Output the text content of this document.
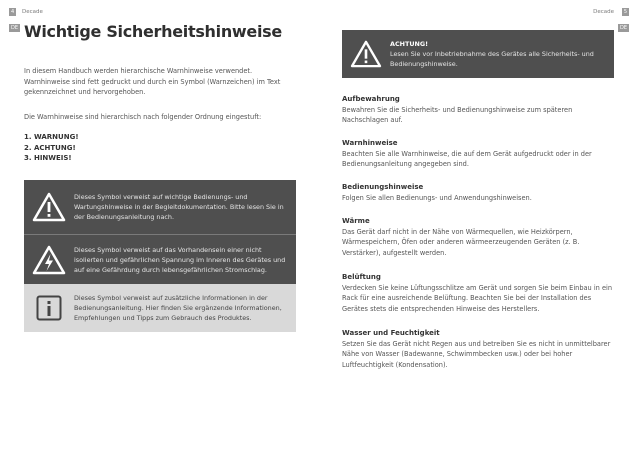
4	Decade	Decade	5
DE	DE
Wichtige Sicherheitshinweise

In diesem Handbuch werden hierarchische Warnhinweise verwendet. Warnhinweise sind fett gedruckt und durch ein Symbol (Warnzeichen) im Text gekennzeichnet und hervorgehoben.

Die Warnhinweise sind hierarchisch nach folgender Ordnung eingestuft:

1. WARNUNG!
2. ACHTUNG!
3. HINWEIS!
Dieses Symbol verweist auf wichtige Bedienungs- und Wartungshinweise in der Begleitdokumentation. Bitte lesen Sie in der Bedienungsanleitung nach.
Dieses Symbol verweist auf das Vorhandensein einer nicht isolierten und gefährlichen Spannung im Inneren des Gerätes und auf eine Gefährdung durch lebensgefährlichen Stromschlag.
Dieses Symbol verweist auf zusätzliche Informationen in der Bedienungsanleitung. Hier finden Sie ergänzende Informationen, Empfehlungen und Tipps zum Gebrauch des Produktes.
ACHTUNG!
Lesen Sie vor Inbetriebnahme des Gerätes alle Sicherheits- und Bedienungshinweise.
Aufbewahrung

Bewahren Sie die Sicherheits- und Bedienungshinweise zum späteren Nachschlagen auf.

Warnhinweise

Beachten Sie alle Warnhinweise, die auf dem Gerät aufgedruckt oder in der Bedienungsanleitung angegeben sind.

Bedienungshinweise

Folgen Sie allen Bedienungs- und Anwendungshinweisen.

Wärme

Das Gerät darf nicht in der Nähe von Wärmequellen, wie Heizkörpern, Wärmespeichern, Öfen oder anderen wärmeerzeugenden Geräten (z. B. Verstärker), aufgestellt werden.

Belüftung

Verdecken Sie keine Lüftungsschlitze am Gerät und sorgen Sie beim Einbau in ein Rack für eine ausreichende Belüftung. Beachten Sie bei der Installation des Gerätes stets die entsprechenden Hinweise des Herstellers.

Wasser und Feuchtigkeit

Setzen Sie das Gerät nicht Regen aus und betreiben Sie es nicht in unmittelbarer Nähe von Wasser (Badewanne, Schwimmbecken usw.) oder bei hoher Luftfeuchtigkeit (Kondensation).
